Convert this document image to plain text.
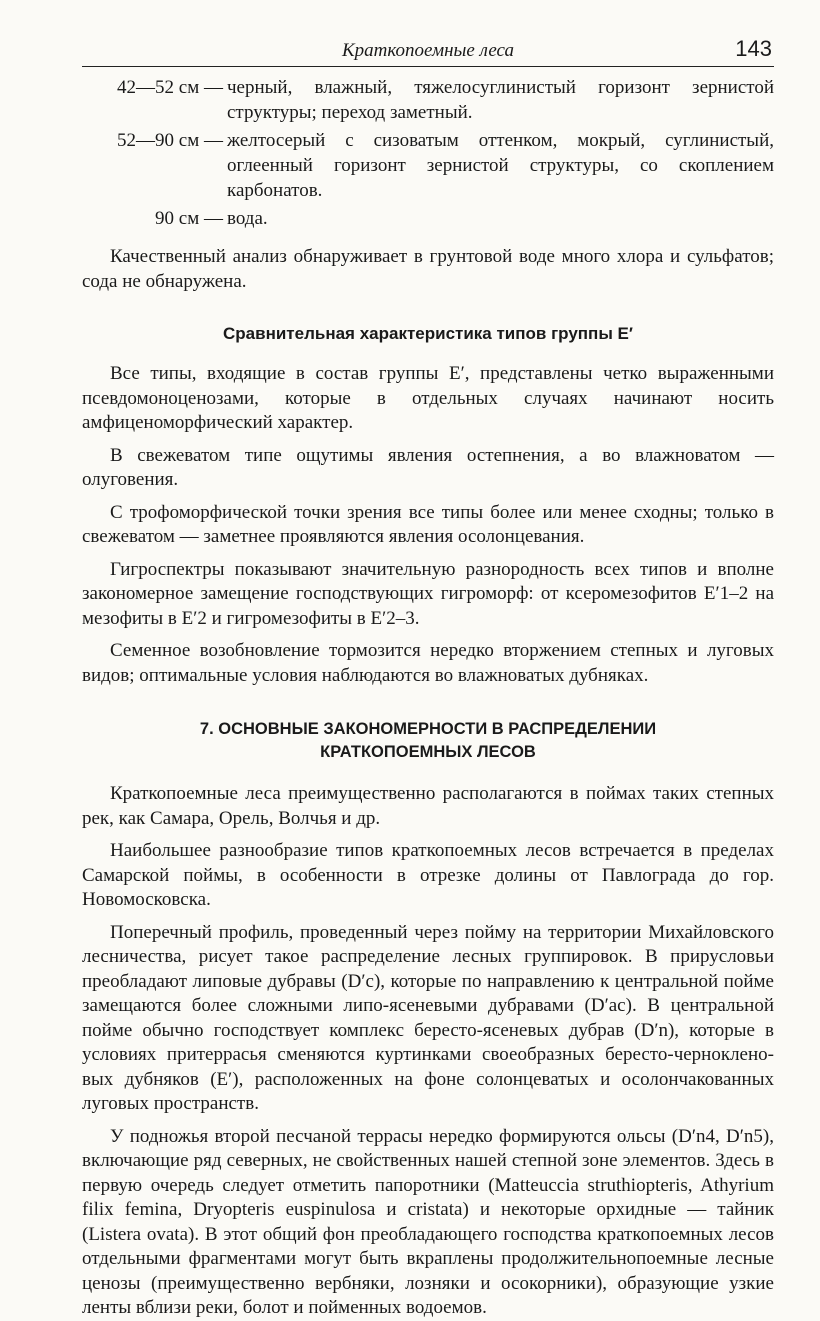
Краткопоемные леса	143
42—52 см — черный, влажный, тяжелосуглинистый горизонт зернистой структуры; переход заметный.
52—90 см — желтосерый с сизоватым оттенком, мокрый, суглинистый, оглеенный горизонт зернистой структуры, со скоплением карбонатов.
90 см — вода.

Качественный анализ обнаруживает в грунтовой воде много хлора и сульфатов; сода не обнаружена.

Сравнительная характеристика типов группы E′

Все типы, входящие в состав группы E′, представлены четко выраженными псевдомоноценозами, которые в отдельных случаях начинают носить амфиценоморфический характер.

В свежеватом типе ощутимы явления остепнения, а во влажноватом — олуговения.

С трофоморфической точки зрения все типы более или менее сходны; только в свежеватом — заметнее проявляются явления осолонцевания.

Гигроспектры показывают значительную разнородность всех типов и вполне закономерное замещение господствующих гигроморф: от ксеромезофитов E′1–2 на мезофиты в E′2 и гигромезофиты в E′2–3.

Семенное возобновление тормозится нередко вторжением степных и луговых видов; оптимальные условия наблюдаются во влажноватых дубняках.

7. ОСНОВНЫЕ ЗАКОНОМЕРНОСТИ В РАСПРЕДЕЛЕНИИ
КРАТКОПОЕМНЫХ ЛЕСОВ

Краткопоемные леса преимущественно располагаются в поймах таких степных рек, как Самара, Орель, Волчья и др.

Наибольшее разнообразие типов краткопоемных лесов встречается в пределах Самарской поймы, в особенности в отрезке долины от Павлограда до гор. Новомосковска.

Поперечный профиль, проведенный через пойму на территории Михайловского лесничества, рисует такое распределение лесных группировок. В прирусловьи преобладают липовые дубравы (D′c), которые по направлению к центральной пойме замещаются более сложными липо-ясеневыми дубравами (D′ac). В центральной пойме обычно господствует комплекс берестo-ясеневых дубрав (D′n), которые в условиях притеррасья сменяются куртинками своеобразных бересто-черноклено-вых дубняков (E′), расположенных на фоне солонцеватых и осолончакованных луговых пространств.

У подножья второй песчаной террасы нередко формируются ольсы (D′n4, D′n5), включающие ряд северных, не свойственных нашей степной зоне элементов. Здесь в первую очередь следует отметить папоротники (Matteuccia struthiopteris, Athyrium filix femina, Dryopteris euspinulosa и cristata) и некоторые орхидные — тайник (Listera ovata). В этот общий фон преобладающего господства краткопоемных лесов отдельными фрагментами могут быть вкраплены продолжительнопоемные лесные ценозы (преимущественно вербняки, лозняки и осокорники), образующие узкие ленты вблизи реки, болот и пойменных водоемов.
